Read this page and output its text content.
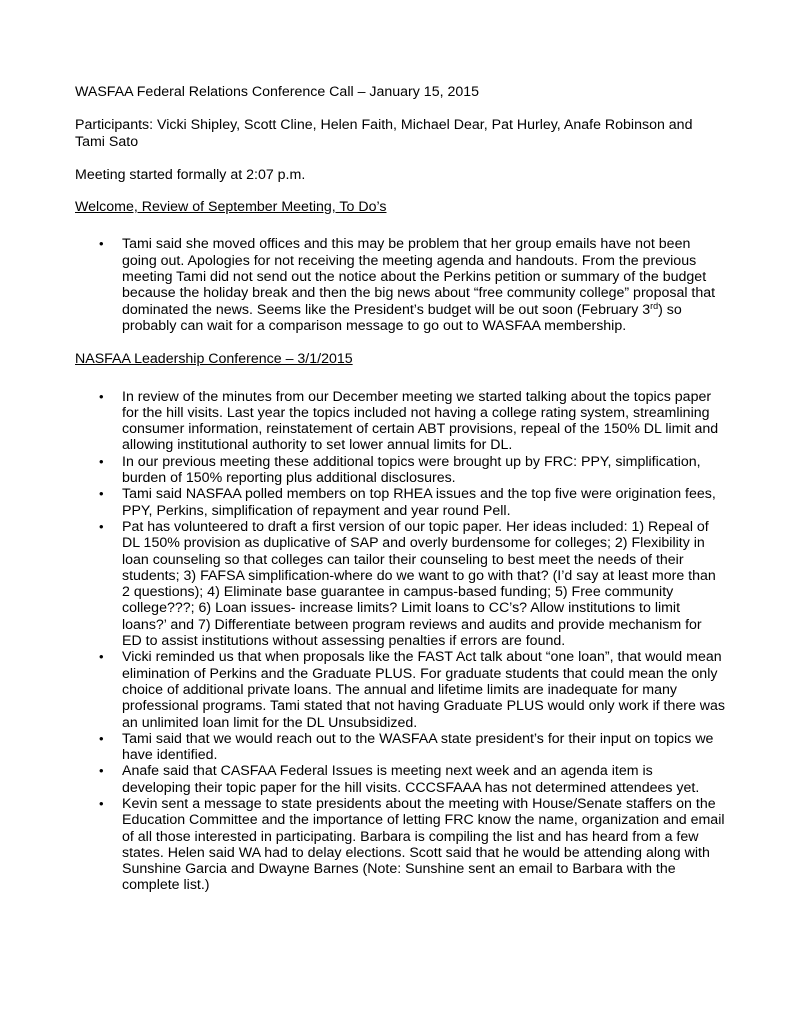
WASFAA Federal Relations Conference Call – January 15, 2015

Participants: Vicki Shipley, Scott Cline, Helen Faith, Michael Dear, Pat Hurley, Anafe Robinson and Tami Sato

Meeting started formally at 2:07 p.m.

Welcome, Review of September Meeting, To Do’s

• Tami said she moved offices and this may be problem that her group emails have not been going out. Apologies for not receiving the meeting agenda and handouts. From the previous meeting Tami did not send out the notice about the Perkins petition or summary of the budget because the holiday break and then the big news about “free community college” proposal that dominated the news. Seems like the President’s budget will be out soon (February 3rd) so probably can wait for a comparison message to go out to WASFAA membership.

NASFAA Leadership Conference – 3/1/2015

• In review of the minutes from our December meeting we started talking about the topics paper for the hill visits. Last year the topics included not having a college rating system, streamlining consumer information, reinstatement of certain ABT provisions, repeal of the 150% DL limit and allowing institutional authority to set lower annual limits for DL.
• In our previous meeting these additional topics were brought up by FRC: PPY, simplification, burden of 150% reporting plus additional disclosures.
• Tami said NASFAA polled members on top RHEA issues and the top five were origination fees, PPY, Perkins, simplification of repayment and year round Pell.
• Pat has volunteered to draft a first version of our topic paper. Her ideas included: 1) Repeal of DL 150% provision as duplicative of SAP and overly burdensome for colleges; 2) Flexibility in loan counseling so that colleges can tailor their counseling to best meet the needs of their students; 3) FAFSA simplification-where do we want to go with that? (I’d say at least more than 2 questions); 4) Eliminate base guarantee in campus-based funding; 5) Free community college???; 6) Loan issues- increase limits? Limit loans to CC’s? Allow institutions to limit loans?’ and 7) Differentiate between program reviews and audits and provide mechanism for ED to assist institutions without assessing penalties if errors are found.
• Vicki reminded us that when proposals like the FAST Act talk about “one loan”, that would mean elimination of Perkins and the Graduate PLUS. For graduate students that could mean the only choice of additional private loans. The annual and lifetime limits are inadequate for many professional programs. Tami stated that not having Graduate PLUS would only work if there was an unlimited loan limit for the DL Unsubsidized.
• Tami said that we would reach out to the WASFAA state president’s for their input on topics we have identified.
• Anafe said that CASFAA Federal Issues is meeting next week and an agenda item is developing their topic paper for the hill visits. CCCSFAAA has not determined attendees yet.
• Kevin sent a message to state presidents about the meeting with House/Senate staffers on the Education Committee and the importance of letting FRC know the name, organization and email of all those interested in participating. Barbara is compiling the list and has heard from a few states. Helen said WA had to delay elections. Scott said that he would be attending along with Sunshine Garcia and Dwayne Barnes (Note: Sunshine sent an email to Barbara with the complete list.)
